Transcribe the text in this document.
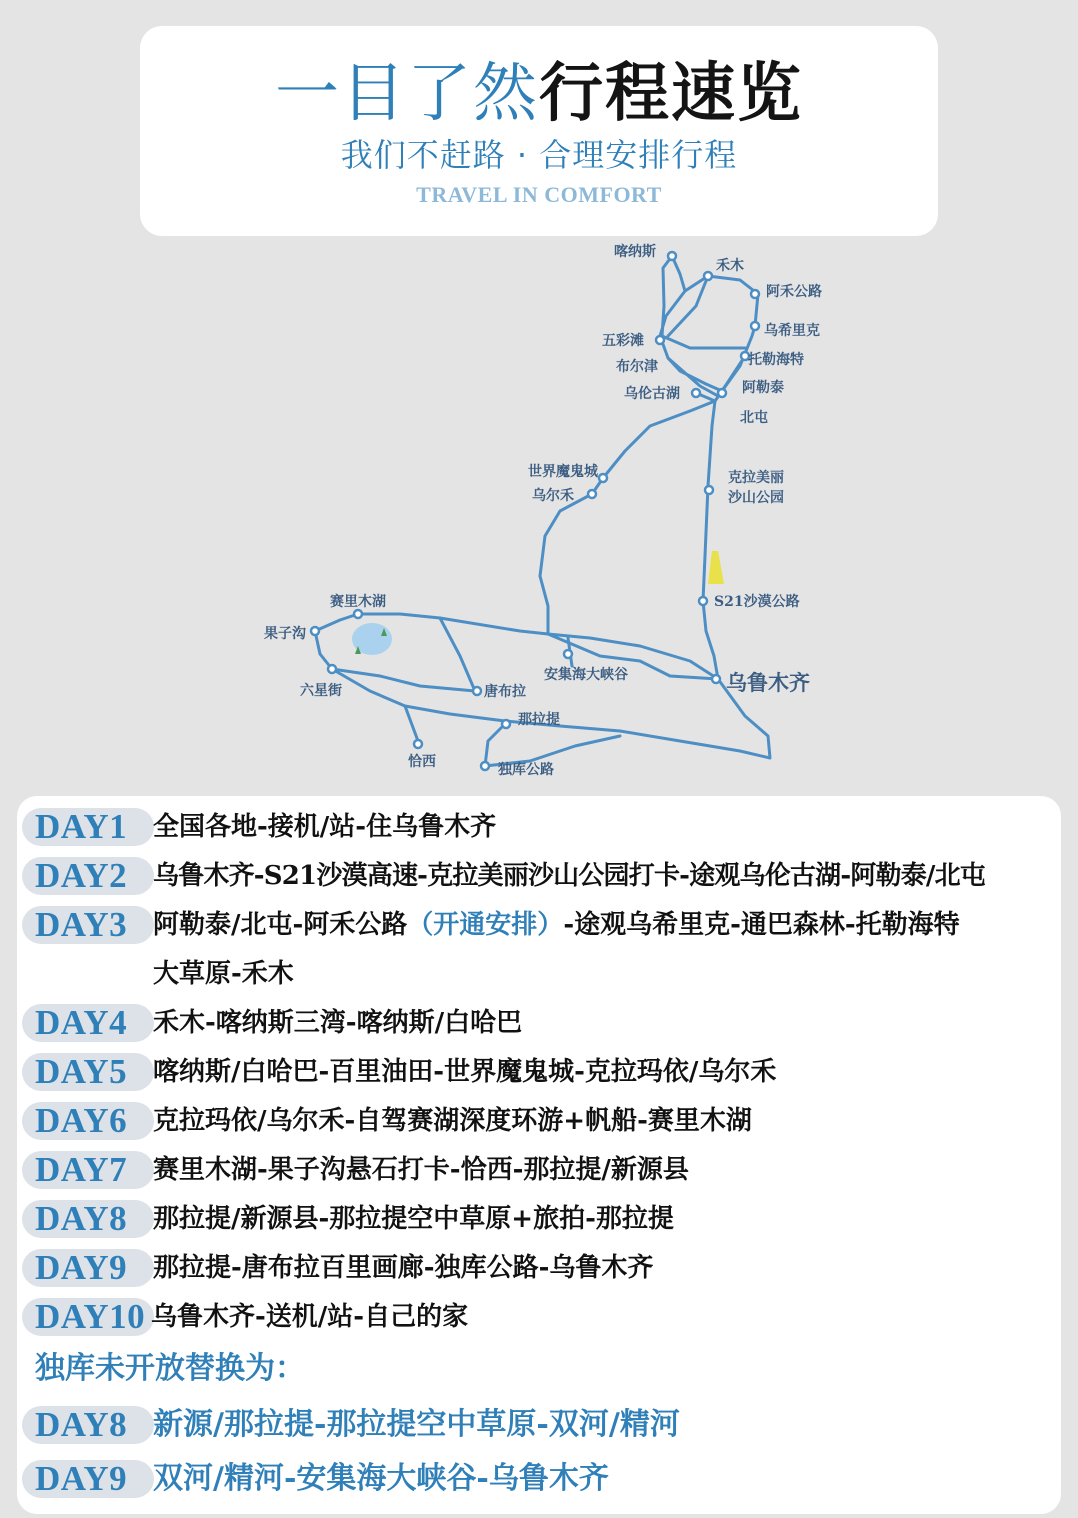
一目了然行程速览
我们不赶路 · 合理安排行程
TRAVEL IN COMFORT
喀纳斯
禾木
阿禾公路
乌希里克
托勒海特
阿勒泰
北屯
五彩滩
布尔津
乌伦古湖
世界魔鬼城
乌尔禾
克拉美丽
沙山公园
S21沙漠公路
赛里木湖
果子沟
安集海大峡谷	乌鲁木齐
六星街	唐布拉
那拉提
恰西	独库公路
DAY1 全国各地-接机/站-住乌鲁木齐
DAY2 乌鲁木齐-S21沙漠高速-克拉美丽沙山公园打卡-途观乌伦古湖-阿勒泰/北屯
DAY3 阿勒泰/北屯-阿禾公路（开通安排）-途观乌希里克-通巴森林-托勒海特
大草原-禾木
DAY4 禾木-喀纳斯三湾-喀纳斯/白哈巴
DAY5 喀纳斯/白哈巴-百里油田-世界魔鬼城-克拉玛依/乌尔禾
DAY6 克拉玛依/乌尔禾-自驾赛湖深度环游+帆船-赛里木湖
DAY7 赛里木湖-果子沟悬石打卡-恰西-那拉提/新源县
DAY8 那拉提/新源县-那拉提空中草原+旅拍-那拉提
DAY9 那拉提-唐布拉百里画廊-独库公路-乌鲁木齐
DAY10 乌鲁木齐-送机/站-自己的家
独库未开放替换为：
DAY8 新源/那拉提-那拉提空中草原-双河/精河
DAY9 双河/精河-安集海大峡谷-乌鲁木齐
